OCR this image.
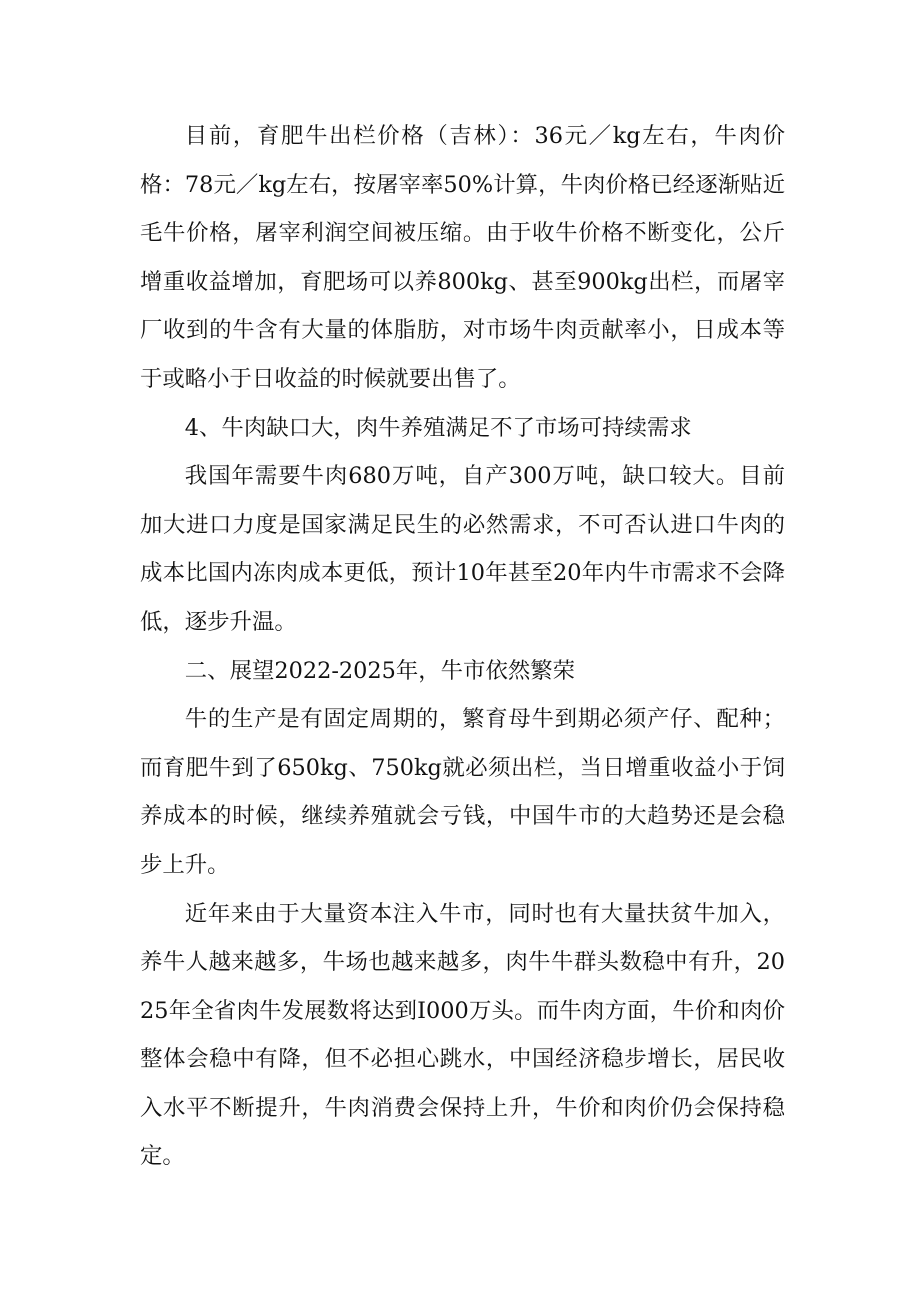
目前，育肥牛出栏价格（吉林）：36元／kg左右，牛肉价格：78元／kg左右，按屠宰率50%计算，牛肉价格已经逐渐贴近毛牛价格，屠宰利润空间被压缩。由于收牛价格不断变化，公斤增重收益增加，育肥场可以养800kg、甚至900kg出栏，而屠宰厂收到的牛含有大量的体脂肪，对市场牛肉贡献率小，日成本等于或略小于日收益的时候就要出售了。

4、牛肉缺口大，肉牛养殖满足不了市场可持续需求

我国年需要牛肉680万吨，自产300万吨，缺口较大。目前加大进口力度是国家满足民生的必然需求，不可否认进口牛肉的成本比国内冻肉成本更低，预计10年甚至20年内牛市需求不会降低，逐步升温。

二、展望2022-2025年，牛市依然繁荣

牛的生产是有固定周期的，繁育母牛到期必须产仔、配种；而育肥牛到了650kg、750kg就必须出栏，当日增重收益小于饲养成本的时候，继续养殖就会亏钱，中国牛市的大趋势还是会稳步上升。

近年来由于大量资本注入牛市，同时也有大量扶贫牛加入，养牛人越来越多，牛场也越来越多，肉牛牛群头数稳中有升，2025年全省肉牛发展数将达到I000万头。而牛肉方面，牛价和肉价整体会稳中有降，但不必担心跳水，中国经济稳步增长，居民收入水平不断提升，牛肉消费会保持上升，牛价和肉价仍会保持稳定。
